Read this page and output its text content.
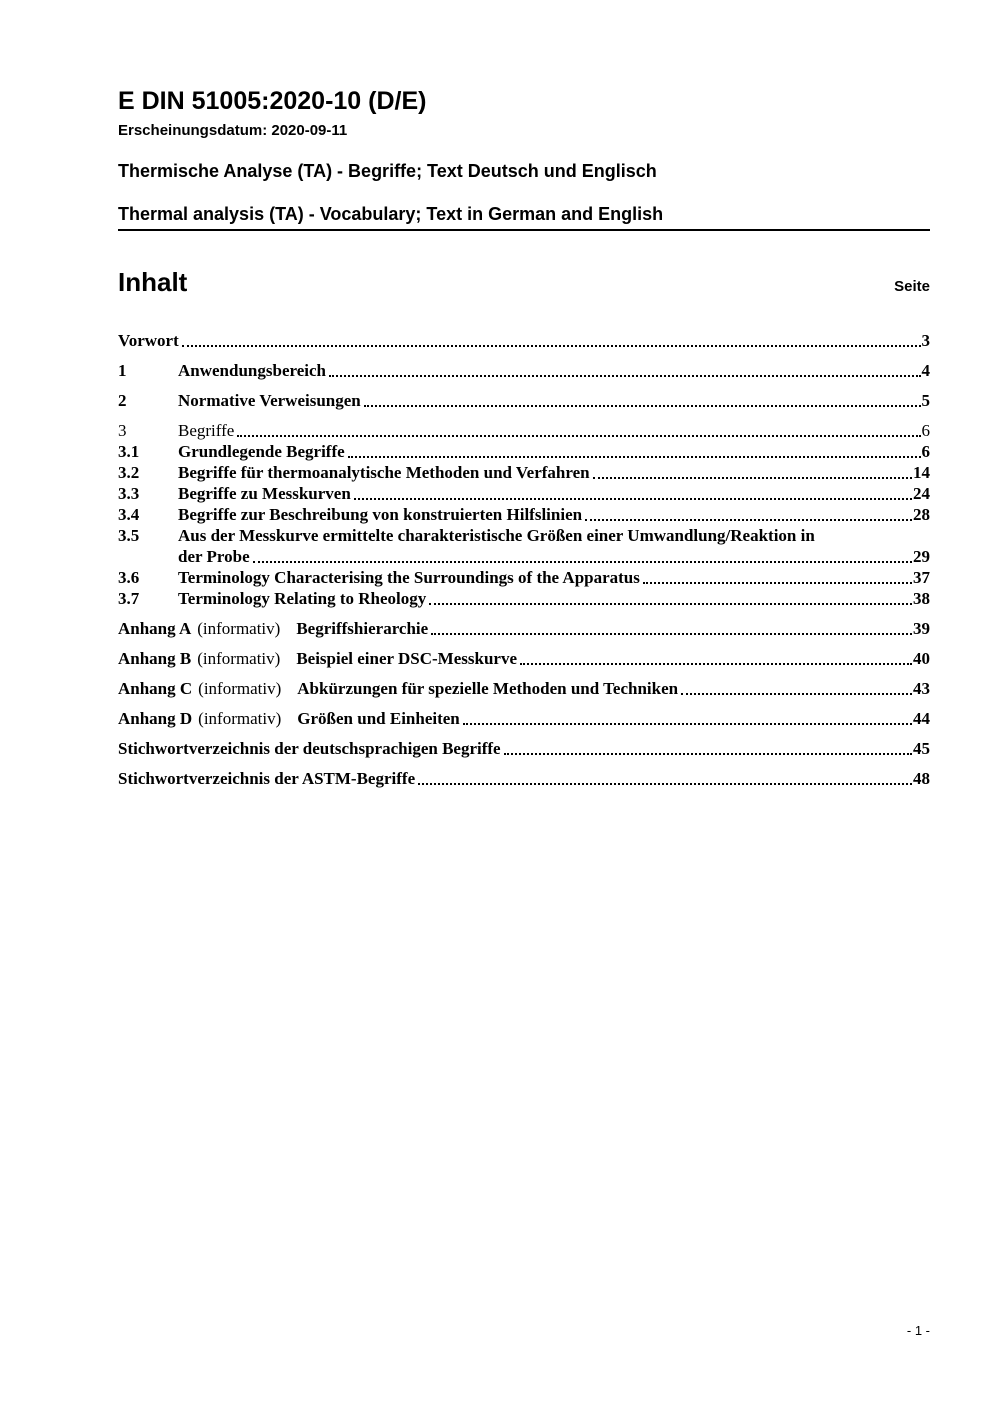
E DIN 51005:2020-10 (D/E)
Erscheinungsdatum: 2020-09-11
Thermische Analyse (TA) - Begriffe; Text Deutsch und Englisch
Thermal analysis (TA) - Vocabulary; Text in German and English
Inhalt	Seite
Vorwort	3
1	Anwendungsbereich	4
2	Normative Verweisungen	5
3	Begriffe	6
3.1	Grundlegende Begriffe	6
3.2	Begriffe für thermoanalytische Methoden und Verfahren	14
3.3	Begriffe zu Messkurven	24
3.4	Begriffe zur Beschreibung von konstruierten Hilfslinien	28
3.5	Aus der Messkurve ermittelte charakteristische Größen einer Umwandlung/Reaktion in
der Probe	29
3.6	Terminology Characterising the Surroundings of the Apparatus	37
3.7	Terminology Relating to Rheology	38
Anhang A (informativ) Begriffshierarchie	39
Anhang B (informativ) Beispiel einer DSC-Messkurve	40
Anhang C (informativ) Abkürzungen für spezielle Methoden und Techniken	43
Anhang D (informativ) Größen und Einheiten	44
Stichwortverzeichnis der deutschsprachigen Begriffe	45
Stichwortverzeichnis der ASTM-Begriffe	48
- 1 -
